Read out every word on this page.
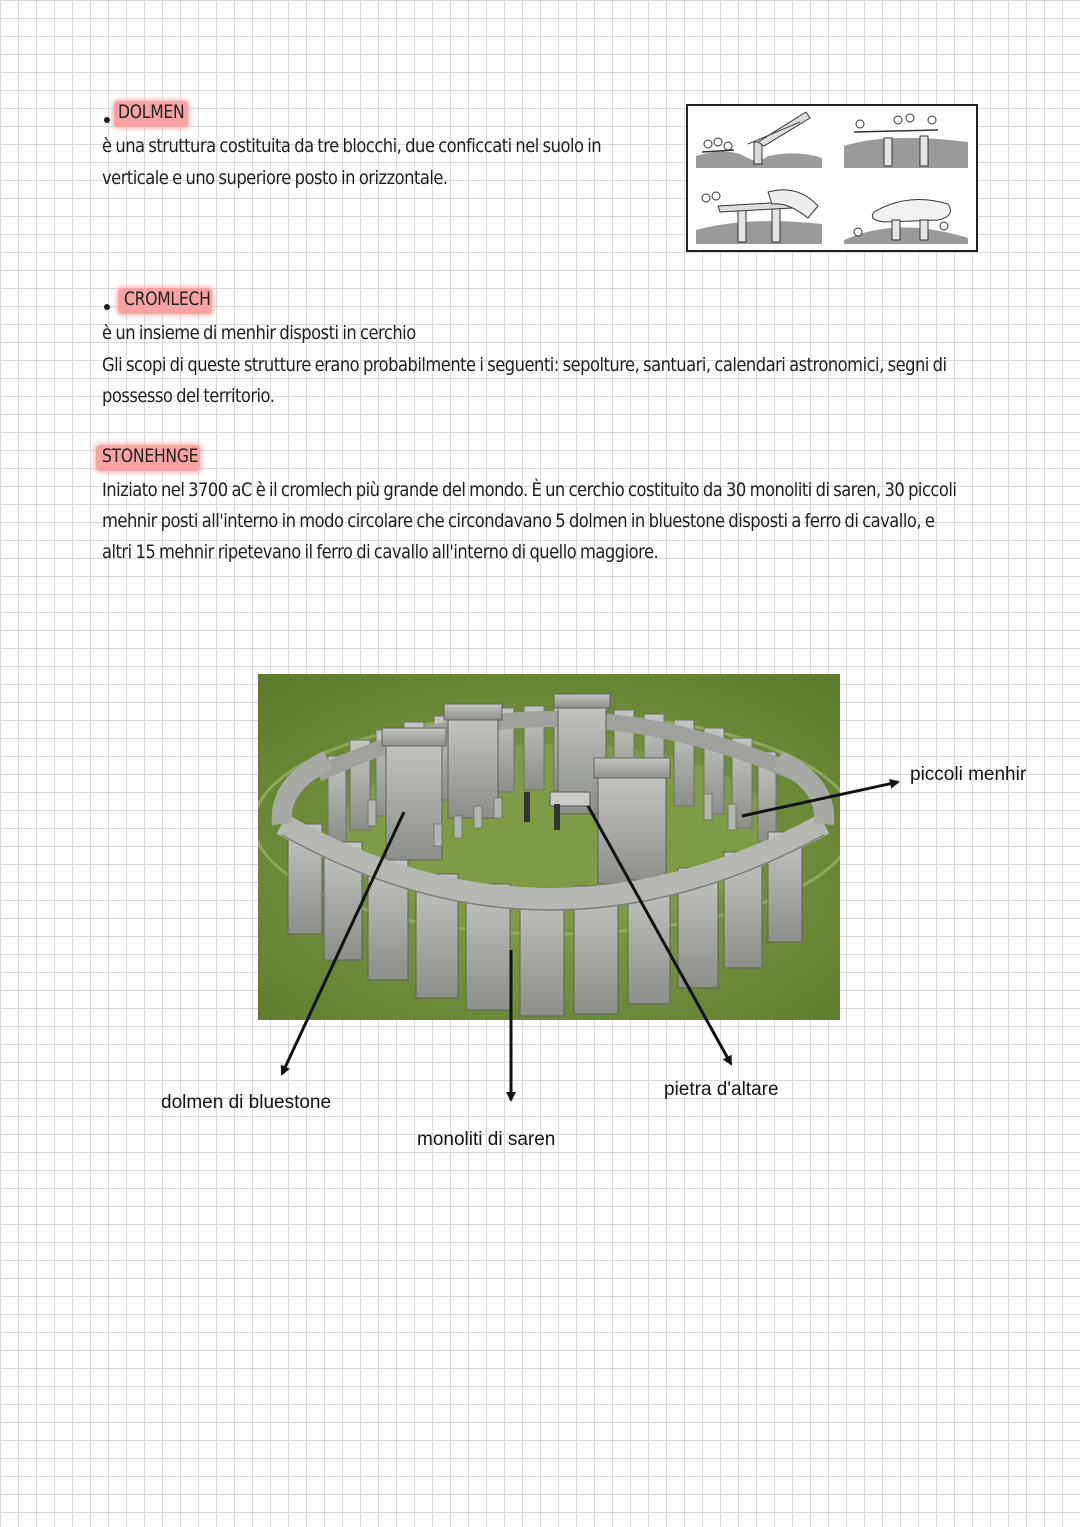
DOLMEN
è una struttura costituita da tre blocchi, due conficcati nel suolo in
verticale e uno superiore posto in orizzontale.
CROMLECH
è un insieme di menhir disposti in cerchio
Gli scopi di queste strutture erano probabilmente i seguenti: sepolture, santuari, calendari astronomici, segni di
possesso del territorio.
STONEHNGE
Iniziato nel 3700 aC è il cromlech più grande del mondo. È un cerchio costituito da 30 monoliti di saren, 30 piccoli
mehnir posti all'interno in modo circolare che circondavano 5 dolmen in bluestone disposti a ferro di cavallo, e
altri 15 mehnir ripetevano il ferro di cavallo all'interno di quello maggiore.
piccoli menhir
dolmen di bluestone
monoliti di saren
pietra d'altare
